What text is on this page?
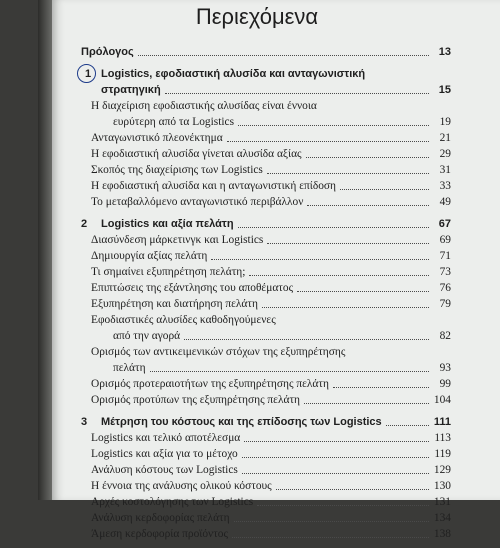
Περιεχόμενα
Πρόλογος	13
1 Logistics, εφοδιαστική αλυσίδα και ανταγωνιστική
στρατηγική	15
Η διαχείριση εφοδιαστικής αλυσίδας είναι έννοια
ευρύτερη από τα Logistics	19
Ανταγωνιστικό πλεονέκτημα	21
Η εφοδιαστική αλυσίδα γίνεται αλυσίδα αξίας	29
Σκοπός της διαχείρισης των Logistics	31
Η εφοδιαστική αλυσίδα και η ανταγωνιστική επίδοση	33
Το μεταβαλλόμενο ανταγωνιστικό περιβάλλον	49
2 Logistics και αξία πελάτη	67
Διασύνδεση μάρκετινγκ και Logistics	69
Δημιουργία αξίας πελάτη	71
Τι σημαίνει εξυπηρέτηση πελάτη;	73
Επιπτώσεις της εξάντλησης του αποθέματος	76
Εξυπηρέτηση και διατήρηση πελάτη	79
Εφοδιαστικές αλυσίδες καθοδηγούμενες
από την αγορά	82
Ορισμός των αντικειμενικών στόχων της εξυπηρέτησης
πελάτη	93
Ορισμός προτεραιοτήτων της εξυπηρέτησης πελάτη	99
Ορισμός προτύπων της εξυπηρέτησης πελάτη	104
3 Μέτρηση του κόστους και της επίδοσης των Logistics	111
Logistics και τελικό αποτέλεσμα	113
Logistics και αξία για το μέτοχο	119
Ανάλυση κόστους των Logistics	129
Η έννοια της ανάλυσης ολικού κόστους	130
Αρχές κοστολόγησης των Logistics	131
Ανάλυση κερδοφορίας πελάτη	134
Άμεση κερδοφορία προϊόντος	138
